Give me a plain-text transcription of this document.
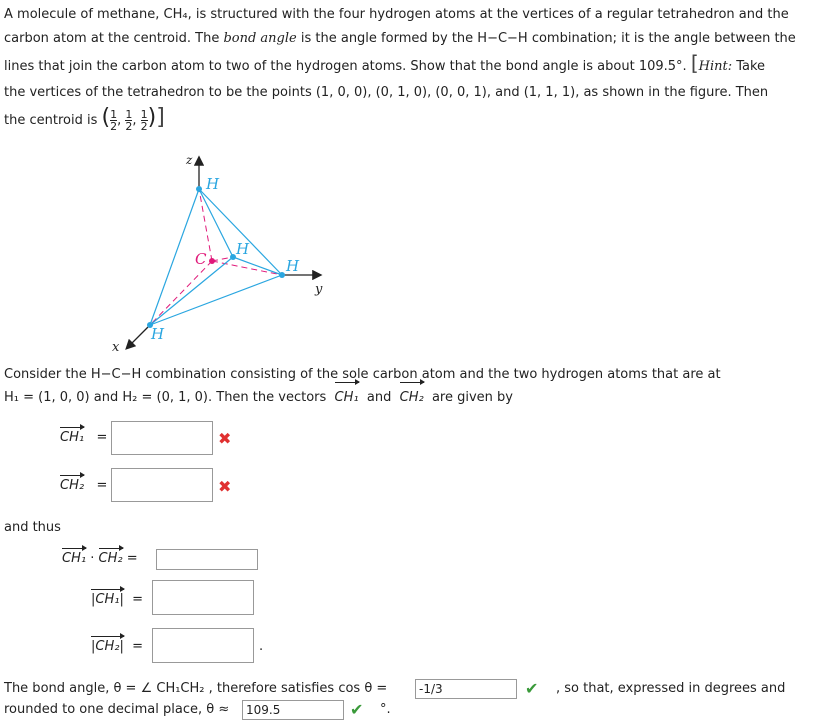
A molecule of methane, CH₄, is structured with the four hydrogen atoms at the vertices of a regular tetrahedron and the
carbon atom at the centroid. The bond angle is the angle formed by the H−C−H combination; it is the angle between the
lines that join the carbon atom to two of the hydrogen atoms. Show that the bond angle is about 109.5°. [Hint: Take
the vertices of the tetrahedron to be the points (1, 0, 0), (0, 1, 0), (0, 0, 1), and (1, 1, 1), as shown in the figure. Then
the centroid is ( $\frac{1}{2}$ , $\frac{1}{2}$ , $\frac{1}{2}$ )]
z
y
x
H
H
H
H
C
Consider the H−C−H combination consisting of the sole carbon atom and the two hydrogen atoms that are at
H₁ = (1, 0, 0) and H₂ = (0, 1, 0). Then the vectors CH₁ and CH₂ are given by
CH₁ =	✖
CH₂ =	✖
and thus
CH₁ · CH₂ =
|CH₁| =
|CH₂| =	.
The bond angle, θ = ∠ CH₁CH₂ , therefore satisfies cos θ =	-1/3	✔ , so that, expressed in degrees and
rounded to one decimal place, θ ≈	109.5	✔ °.
